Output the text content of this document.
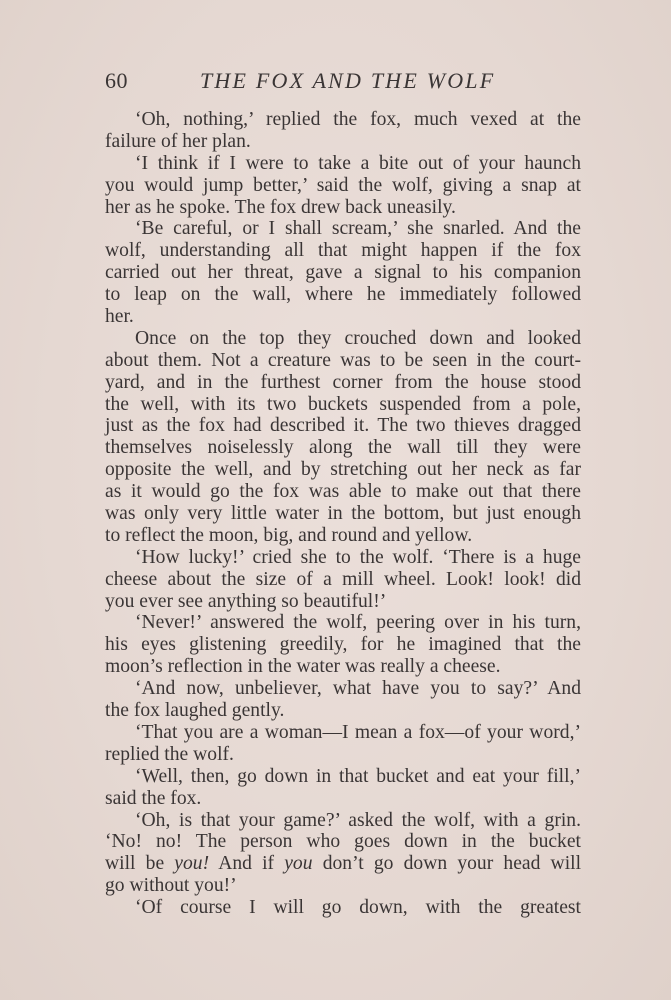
60	THE FOX AND THE WOLF
‘Oh, nothing,’ replied the fox, much vexed at the
failure of her plan.
‘I think if I were to take a bite out of your haunch
you would jump better,’ said the wolf, giving a snap at
her as he spoke. The fox drew back uneasily.
‘Be careful, or I shall scream,’ she snarled. And the
wolf, understanding all that might happen if the fox
carried out her threat, gave a signal to his companion
to leap on the wall, where he immediately followed
her.
Once on the top they crouched down and looked
about them. Not a creature was to be seen in the court-
yard, and in the furthest corner from the house stood
the well, with its two buckets suspended from a pole,
just as the fox had described it. The two thieves dragged
themselves noiselessly along the wall till they were
opposite the well, and by stretching out her neck as far
as it would go the fox was able to make out that there
was only very little water in the bottom, but just enough
to reflect the moon, big, and round and yellow.
‘How lucky!’ cried she to the wolf. ‘There is a huge
cheese about the size of a mill wheel. Look! look! did
you ever see anything so beautiful!’
‘Never!’ answered the wolf, peering over in his turn,
his eyes glistening greedily, for he imagined that the
moon’s reflection in the water was really a cheese.
‘And now, unbeliever, what have you to say?’ And
the fox laughed gently.
‘That you are a woman—I mean a fox—of your word,’
replied the wolf.
‘Well, then, go down in that bucket and eat your fill,’
said the fox.
‘Oh, is that your game?’ asked the wolf, with a grin.
‘No! no! The person who goes down in the bucket
will be you! And if you don’t go down your head will
go without you!’
‘Of course I will go down, with the greatest
